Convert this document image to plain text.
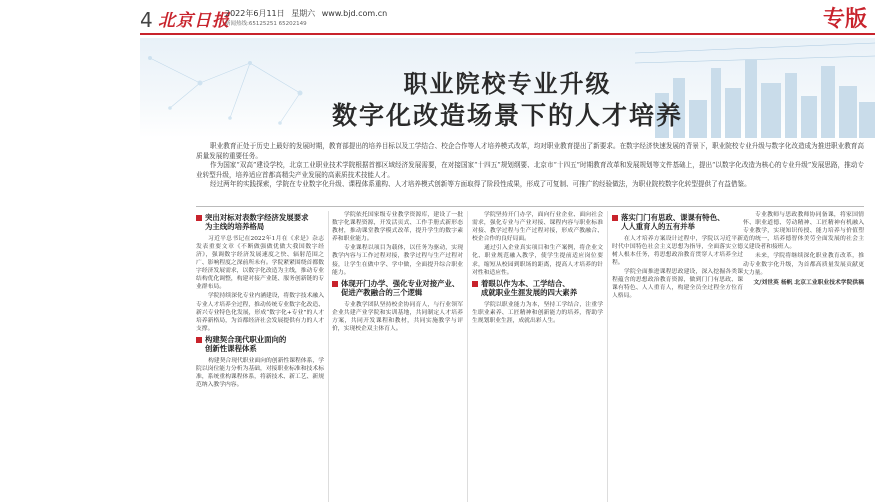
4 北京日报
2022年6月11日 星期六 www.bjd.com.cn
新闻热线:65125251 65202149	专版
职业院校专业升级
数字化改造场景下的人才培养

职业教育正处于历史上最好的发展时期，教育部提出的培养目标以及工学结合、校企合作等人才培养模式改革，均对职业教育提出了新要求。在数字经济快速发展的背景下，职业院校专业升级与数字化改造成为推进职业教育高质量发展的重要任务。

作为国家“双高”建设学校，北京工业职业技术学院根据首都区域经济发展需要，在对接国家“十四五”规划纲要、北京市“十四五”时期教育改革和发展规划等文件基础上，提出“以数字化改造为核心的专业升级”发展思路，推动专业转型升级，培养适应首都高精尖产业发展的高素质技术技能人才。

经过两年的实践探索，学院在专业数字化升级、课程体系重构、人才培养模式创新等方面取得了阶段性成果，形成了可复制、可推广的经验做法，为职业院校数字化转型提供了有益借鉴。

突出对标对表数字经济发展要求
为主线的培养格局

习近平总书记在2022年1月在《求是》杂志发表重要文章《不断做强做优做大我国数字经济》，强调数字经济发展速度之快、辐射范围之广、影响程度之深前所未有。学院紧紧围绕首都数字经济发展需求，以数字化改造为主线，推动专业结构优化调整，构建对接产业链、服务创新链的专业群布局。

学院持续深化专业内涵建设，将数字技术融入专业人才培养全过程，推动传统专业数字化改造、新兴专业特色化发展，形成“数字化+专业”的人才培养新格局，为首都经济社会发展提供有力的人才支撑。

构建契合现代职业面向的
创新性课程体系

构建契合现代职业面向的创新性课程体系，学院以岗位能力分析为基础，对接职业标准和技术标准，系统重构课程体系，将新技术、新工艺、新规范纳入教学内容。

学院依托国家级专业教学资源库，建设了一批数字化课程资源，开发活页式、工作手册式新形态教材，推动课堂教学模式改革，提升学生的数字素养和职业能力。

专业课程以项目为载体，以任务为驱动，实现教学内容与工作过程对接，教学过程与生产过程对接，让学生在做中学、学中做，全面提升综合职业能力。

体现开门办学、强化专业对接产业、
促进产教融合的三个逻辑

专业教学团队坚持校企协同育人，与行业领军企业共建产业学院和实训基地，共同制定人才培养方案，共同开发课程和教材，共同实施教学与评价，实现校企双主体育人。

学院坚持开门办学，面向行业企业、面向社会需求，强化专业与产业对接、课程内容与职业标准对接、教学过程与生产过程对接，形成产教融合、校企合作的良好局面。

通过引入企业真实项目和生产案例，将企业文化、职业规范融入教学，使学生提前适应岗位要求，缩短从校园到职场的距离，提高人才培养的针对性和适应性。

着眼以作为本、工学结合、
成就职业生涯发展的四大素养

学院以职业能力为本，坚持工学结合，注重学生职业素养、工匠精神和创新能力的培养，帮助学生规划职业生涯，成就出彩人生。

落实门门有思政、课课有特色、
人人重育人的五有并举

在人才培养方案设计过程中，学院以习近平新时代中国特色社会主义思想为指导，全面落实立德树人根本任务，将思想政治教育贯穿人才培养全过程。

学院全面推进课程思政建设，深入挖掘各类课程蕴含的思想政治教育资源，做到门门有思政、课课有特色、人人重育人，构建全员全过程全方位育人格局。

专业教师与思政教师协同备课，将家国情怀、职业道德、劳动精神、工匠精神有机融入专业教学，实现知识传授、能力培养与价值塑造的统一，培养德智体美劳全面发展的社会主义建设者和接班人。

未来，学院将继续深化职业教育改革，推动专业数字化升级，为首都高质量发展贡献更大力量。

文/刘世英 杨帆 北京工业职业技术学院供稿
